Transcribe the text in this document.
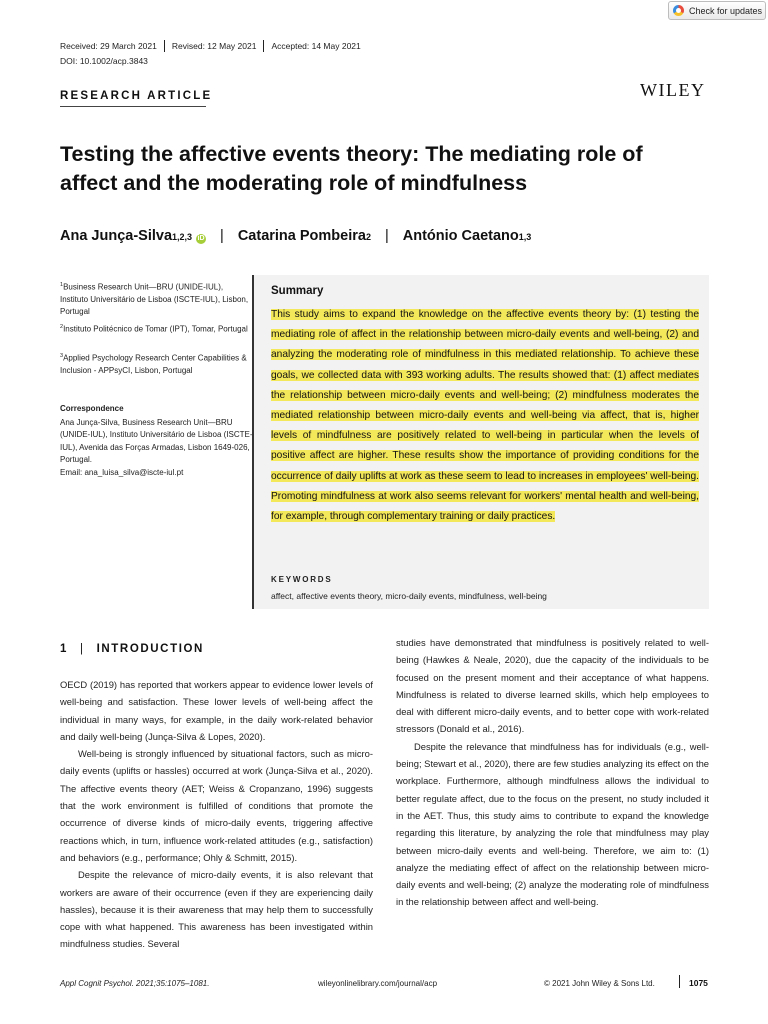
Check for updates
Received: 29 March 2021 Revised: 12 May 2021 Accepted: 14 May 2021
DOI: 10.1002/acp.3843
RESEARCH ARTICLE	WILEY
Testing the affective events theory: The mediating role of affect and the moderating role of mindfulness
Ana Junça-Silva 1,2,3 iD | Catarina Pombeira 2 | António Caetano 1,3
$^1$Business Research Unit—BRU (UNIDE-IUL), Instituto Universitário de Lisboa (ISCTE-IUL), Lisbon, Portugal
$^2$Instituto Politécnico de Tomar (IPT), Tomar, Portugal
$^3$Applied Psychology Research Center Capabilities & Inclusion - APPsyCI, Lisbon, Portugal
Correspondence
Ana Junça-Silva, Business Research Unit—BRU (UNIDE-IUL), Instituto Universitário de Lisboa (ISCTE-IUL), Avenida das Forças Armadas, Lisbon 1649-026, Portugal.
Email: ana_luisa_silva@iscte-iul.pt
Summary
This study aims to expand the knowledge on the affective events theory by: (1) testing the mediating role of affect in the relationship between micro-daily events and well-being, (2) and analyzing the moderating role of mindfulness in this mediated relationship. To achieve these goals, we collected data with 393 working adults. The results showed that: (1) affect mediates the relationship between micro-daily events and well-being; (2) mindfulness moderates the mediated relationship between micro-daily events and well-being via affect, that is, higher levels of mindfulness are positively related to well-being in particular when the levels of positive affect are higher. These results show the importance of providing conditions for the occurrence of daily uplifts at work as these seem to lead to increases in employees' well-being. Promoting mindfulness at work also seems relevant for workers' mental health and well-being, for example, through complementary training or daily practices.
KEYWORDS
affect, affective events theory, micro-daily events, mindfulness, well-being
1 | INTRODUCTION

OECD (2019) has reported that workers appear to evidence lower levels of well-being and satisfaction. These lower levels of well-being affect the individual in many ways, for example, in the daily work-related behavior and daily well-being (Junça-Silva & Lopes, 2020).

Well-being is strongly influenced by situational factors, such as micro-daily events (uplifts or hassles) occurred at work (Junça-Silva et al., 2020). The affective events theory (AET; Weiss & Cropanzano, 1996) suggests that the work environment is fulfilled of conditions that promote the occurrence of diverse kinds of micro-daily events, triggering affective reactions which, in turn, influence work-related attitudes (e.g., satisfaction) and behaviors (e.g., performance; Ohly & Schmitt, 2015).

Despite the relevance of micro-daily events, it is also relevant that workers are aware of their occurrence (even if they are experiencing daily hassles), because it is their awareness that may help them to successfully cope with what happened. This awareness has been investigated within mindfulness studies. Several

studies have demonstrated that mindfulness is positively related to well-being (Hawkes & Neale, 2020), due the capacity of the individuals to be focused on the present moment and their acceptance of what happens. Mindfulness is related to diverse learned skills, which help employees to deal with different micro-daily events, and to better cope with work-related stressors (Donald et al., 2016).

Despite the relevance that mindfulness has for individuals (e.g., well-being; Stewart et al., 2020), there are few studies analyzing its effect on the workplace. Furthermore, although mindfulness allows the individual to better regulate affect, due to the focus on the present, no study included it in the AET. Thus, this study aims to contribute to expand the knowledge regarding this literature, by analyzing the role that mindfulness may play between micro-daily events and well-being. Therefore, we aim to: (1) analyze the mediating effect of affect on the relationship between micro-daily events and well-being; (2) analyze the moderating role of mindfulness in the relationship between affect and well-being.

Appl Cognit Psychol. 2021;35:1075–1081.	wileyonlinelibrary.com/journal/acp	© 2021 John Wiley & Sons Ltd.	1075
